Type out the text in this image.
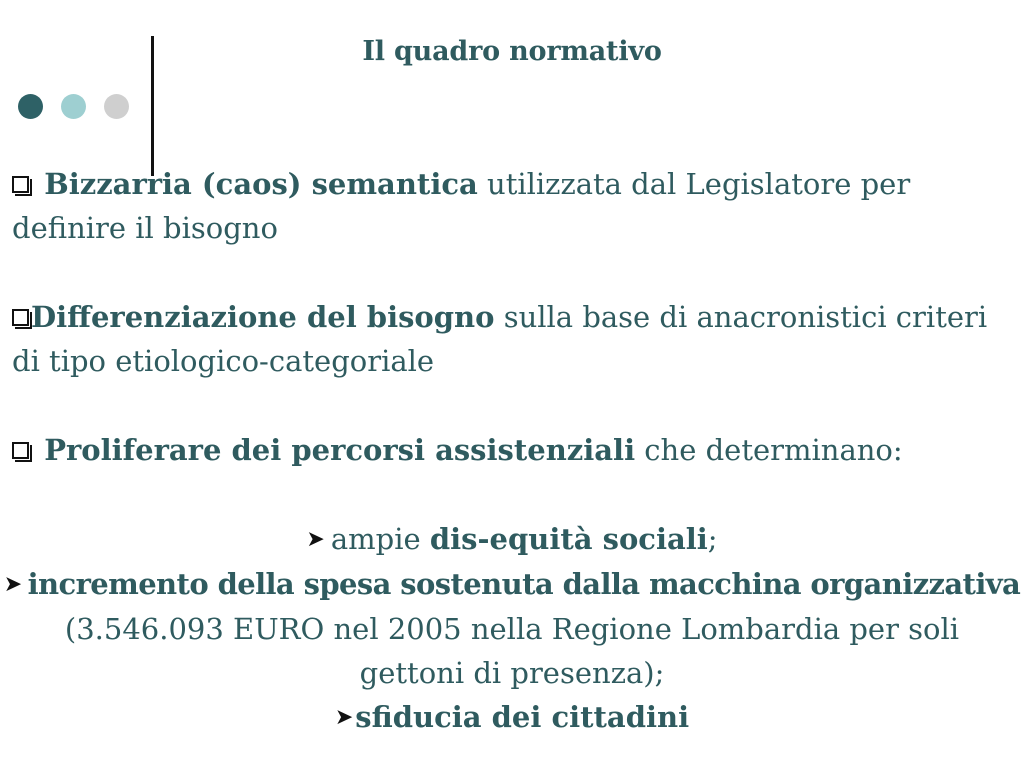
Il quadro normativo
Bizzarria (caos) semantica utilizzata dal Legislatore per definire il bisogno
Differenziazione del bisogno sulla base di anacronistici criteri di tipo etiologico-categoriale
Proliferare dei percorsi assistenziali che determinano:
➤ ampie dis-equità sociali;
➤ incremento della spesa sostenuta dalla macchina organizzativa
(3.546.093 EURO nel 2005 nella Regione Lombardia per soli
gettoni di presenza);
➤sfiducia dei cittadini
